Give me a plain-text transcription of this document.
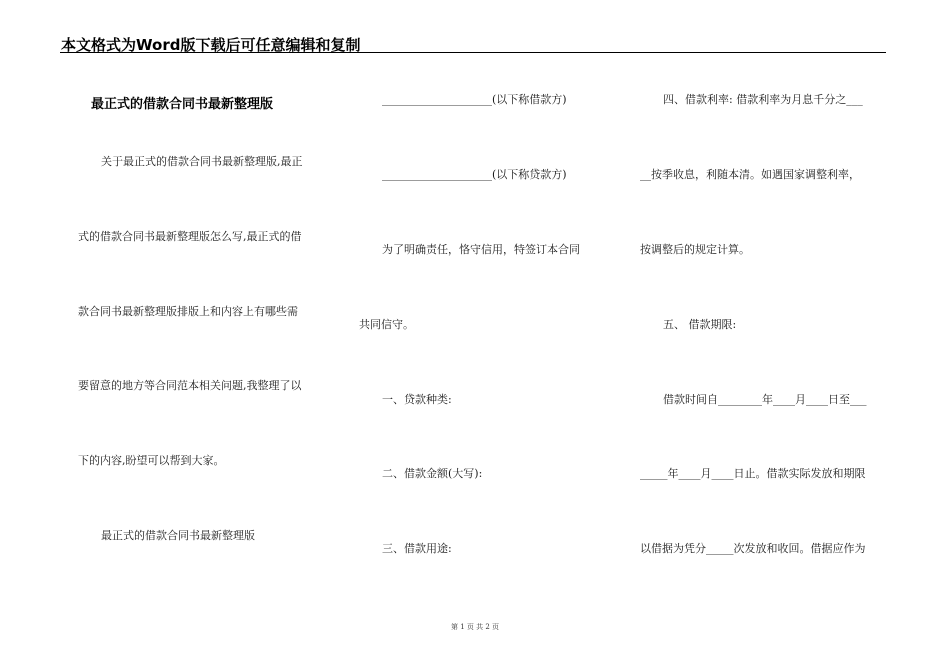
本文格式为Word版下载后可任意编辑和复制
最正式的借款合同书最新整理版
关于最正式的借款合同书最新整理版,最正
式的借款合同书最新整理版怎么写,最正式的借
款合同书最新整理版排版上和内容上有哪些需
要留意的地方等合同范本相关问题,我整理了以
下的内容,盼望可以帮到大家。
最正式的借款合同书最新整理版
____________________(以下称借款方)
____________________(以下称贷款方)
为了明确责任，恪守信用，特签订本合同
共同信守。
一、贷款种类:
二、借款金额(大写):
三、借款用途:
四、借款利率: 借款利率为月息千分之___
__按季收息，利随本清。如遇国家调整利率，
按调整后的规定计算。
五、 借款期限:
借款时间自________年____月____日至___
_____年____月____日止。借款实际发放和期限
以借据为凭分_____次发放和收回。借据应作为
第 1 页 共 2 页
